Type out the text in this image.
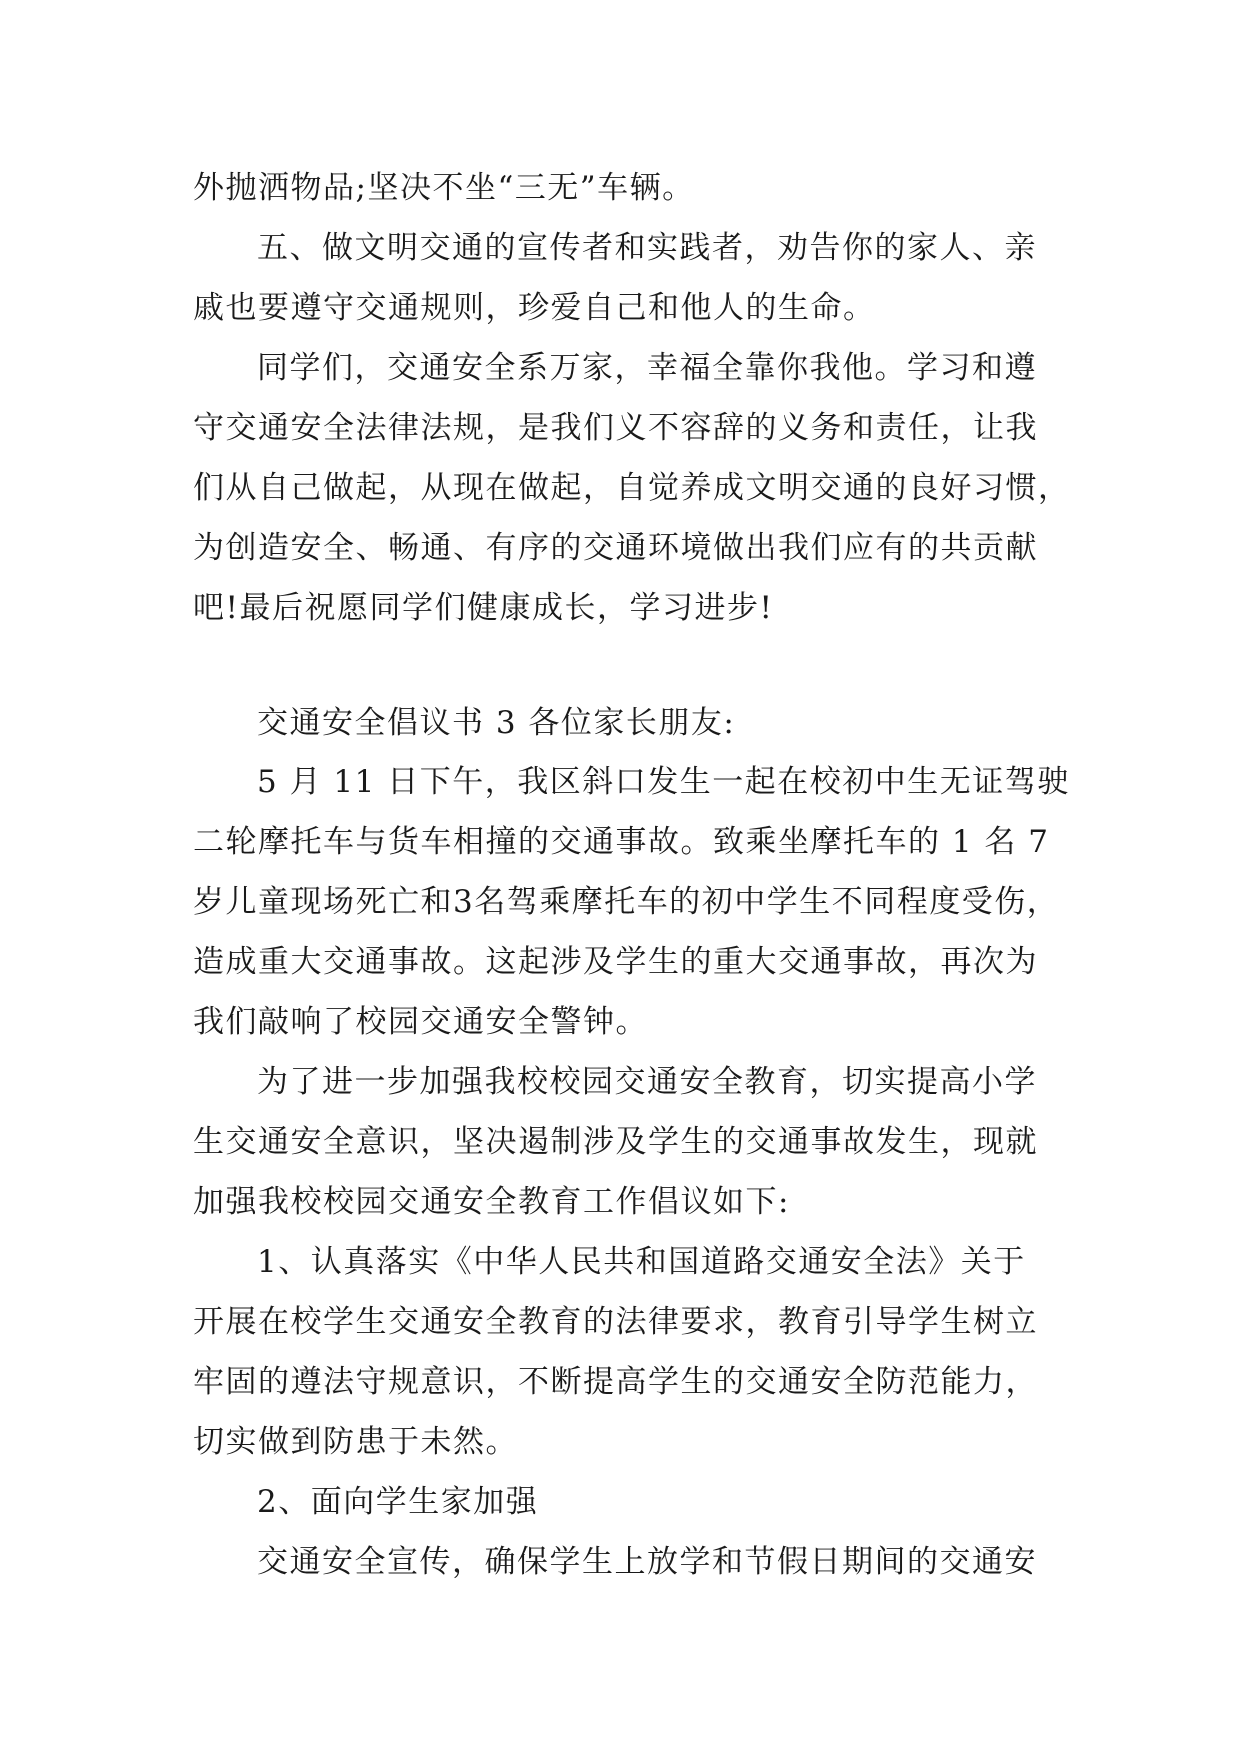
外抛洒物品;坚决不坐“三无”车辆。
五、做文明交通的宣传者和实践者，劝告你的家人、亲
戚也要遵守交通规则，珍爱自己和他人的生命。
同学们，交通安全系万家，幸福全靠你我他。学习和遵
守交通安全法律法规，是我们义不容辞的义务和责任，让我
们从自己做起，从现在做起，自觉养成文明交通的良好习惯，
为创造安全、畅通、有序的交通环境做出我们应有的共贡献
吧!最后祝愿同学们健康成长，学习进步!
交通安全倡议书 3 各位家长朋友:
5 月 11 日下午，我区斜口发生一起在校初中生无证驾驶
二轮摩托车与货车相撞的交通事故。致乘坐摩托车的 1 名 7
岁儿童现场死亡和3名驾乘摩托车的初中学生不同程度受伤，
造成重大交通事故。这起涉及学生的重大交通事故，再次为
我们敲响了校园交通安全警钟。
为了进一步加强我校校园交通安全教育，切实提高小学
生交通安全意识，坚决遏制涉及学生的交通事故发生，现就
加强我校校园交通安全教育工作倡议如下:
1、认真落实《中华人民共和国道路交通安全法》关于
开展在校学生交通安全教育的法律要求，教育引导学生树立
牢固的遵法守规意识，不断提高学生的交通安全防范能力，
切实做到防患于未然。
2、面向学生家加强
交通安全宣传，确保学生上放学和节假日期间的交通安
